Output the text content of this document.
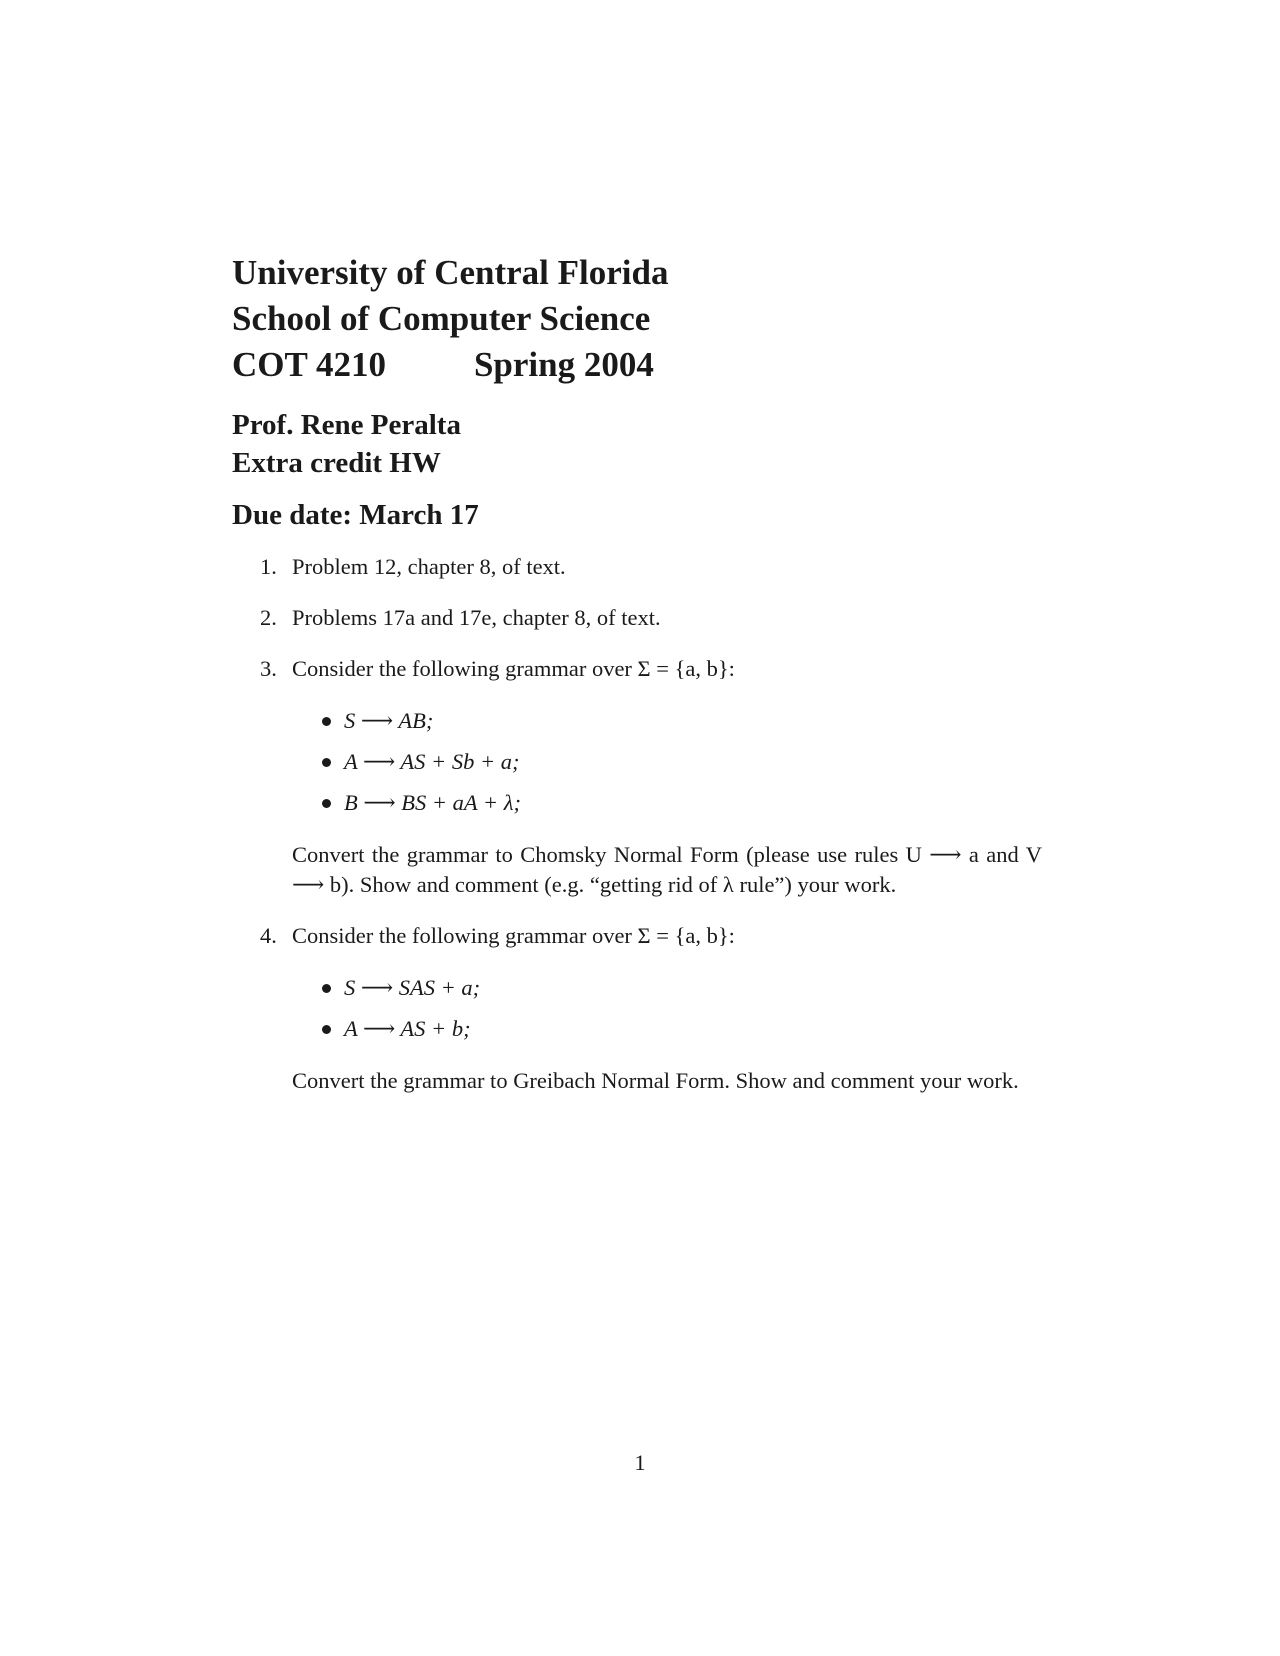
University of Central Florida

School of Computer Science

COT 4210	Spring 2004

Prof. Rene Peralta

Extra credit HW

Due date: March 17

1. Problem 12, chapter 8, of text.
2. Problems 17a and 17e, chapter 8, of text.
3. Consider the following grammar over Σ = {a, b}:
S ⟶ AB;
A ⟶ AS + Sb + a;
B ⟶ BS + aA + λ;

Convert the grammar to Chomsky Normal Form (please use rules U ⟶ a and V ⟶ b). Show and comment (e.g. “getting rid of λ rule”) your work.

4. Consider the following grammar over Σ = {a, b}:
S ⟶ SAS + a;
A ⟶ AS + b;

Convert the grammar to Greibach Normal Form. Show and comment your work.

1
